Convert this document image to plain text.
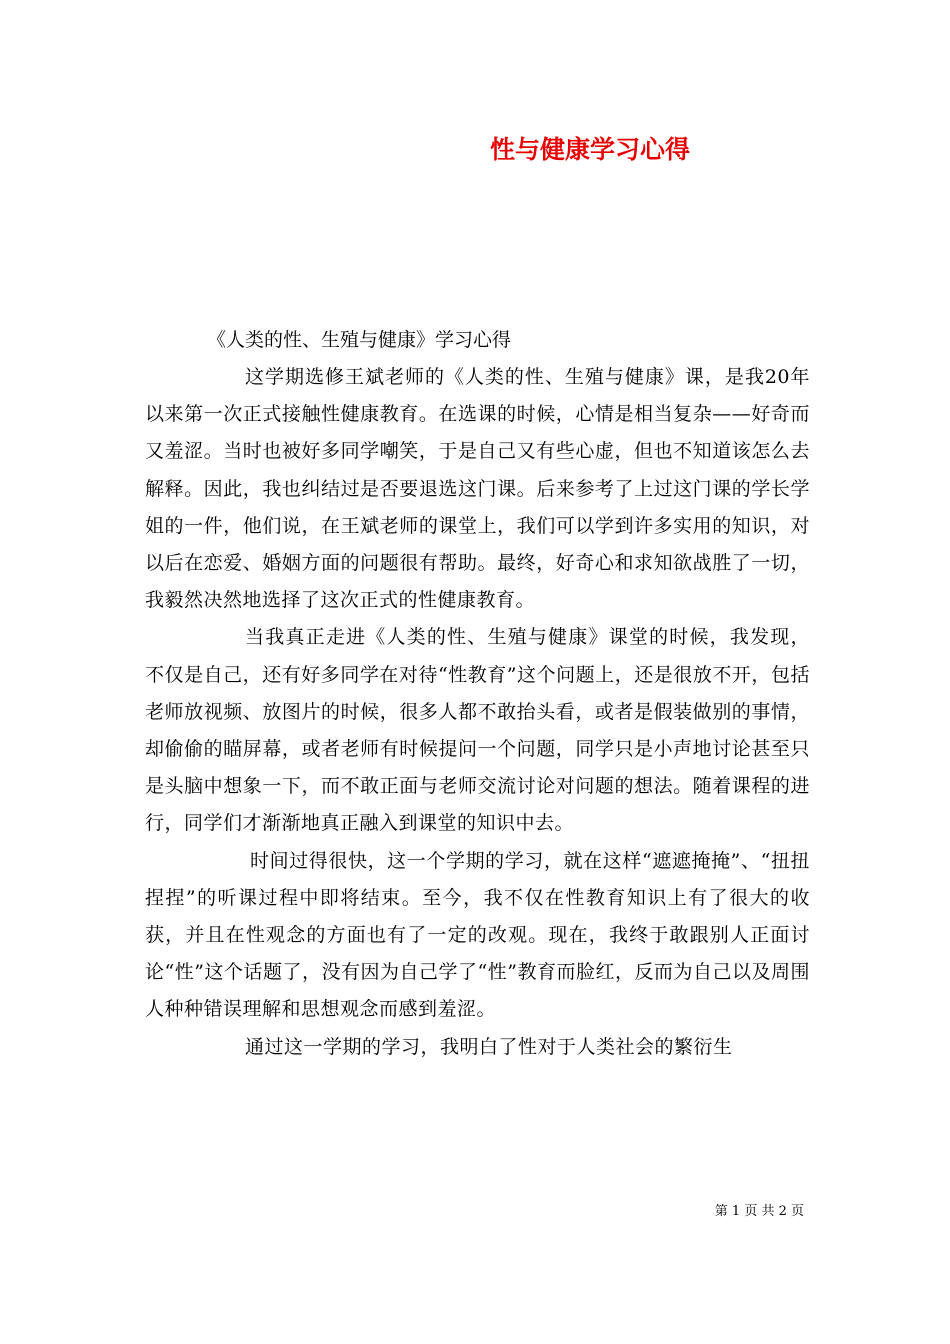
性与健康学习心得

《人类的性、生殖与健康》学习心得

这学期选修王斌老师的《人类的性、生殖与健康》课，是我20年以来第一次正式接触性健康教育。在选课的时候，心情是相当复杂——好奇而又羞涩。当时也被好多同学嘲笑，于是自己又有些心虚，但也不知道该怎么去解释。因此，我也纠结过是否要退选这门课。后来参考了上过这门课的学长学姐的一件，他们说，在王斌老师的课堂上，我们可以学到许多实用的知识，对以后在恋爱、婚姻方面的问题很有帮助。最终，好奇心和求知欲战胜了一切，我毅然决然地选择了这次正式的性健康教育。

当我真正走进《人类的性、生殖与健康》课堂的时候，我发现，不仅是自己，还有好多同学在对待“性教育”这个问题上，还是很放不开，包括老师放视频、放图片的时候，很多人都不敢抬头看，或者是假装做别的事情，却偷偷的瞄屏幕，或者老师有时候提问一个问题，同学只是小声地讨论甚至只是头脑中想象一下，而不敢正面与老师交流讨论对问题的想法。随着课程的进行，同学们才渐渐地真正融入到课堂的知识中去。

时间过得很快，这一个学期的学习，就在这样“遮遮掩掩”、“扭扭捏捏”的听课过程中即将结束。至今，我不仅在性教育知识上有了很大的收获，并且在性观念的方面也有了一定的改观。现在，我终于敢跟别人正面讨论“性”这个话题了，没有因为自己学了“性”教育而脸红，反而为自己以及周围人种种错误理解和思想观念而感到羞涩。

通过这一学期的学习，我明白了性对于人类社会的繁衍生

第 1 页 共 2 页
